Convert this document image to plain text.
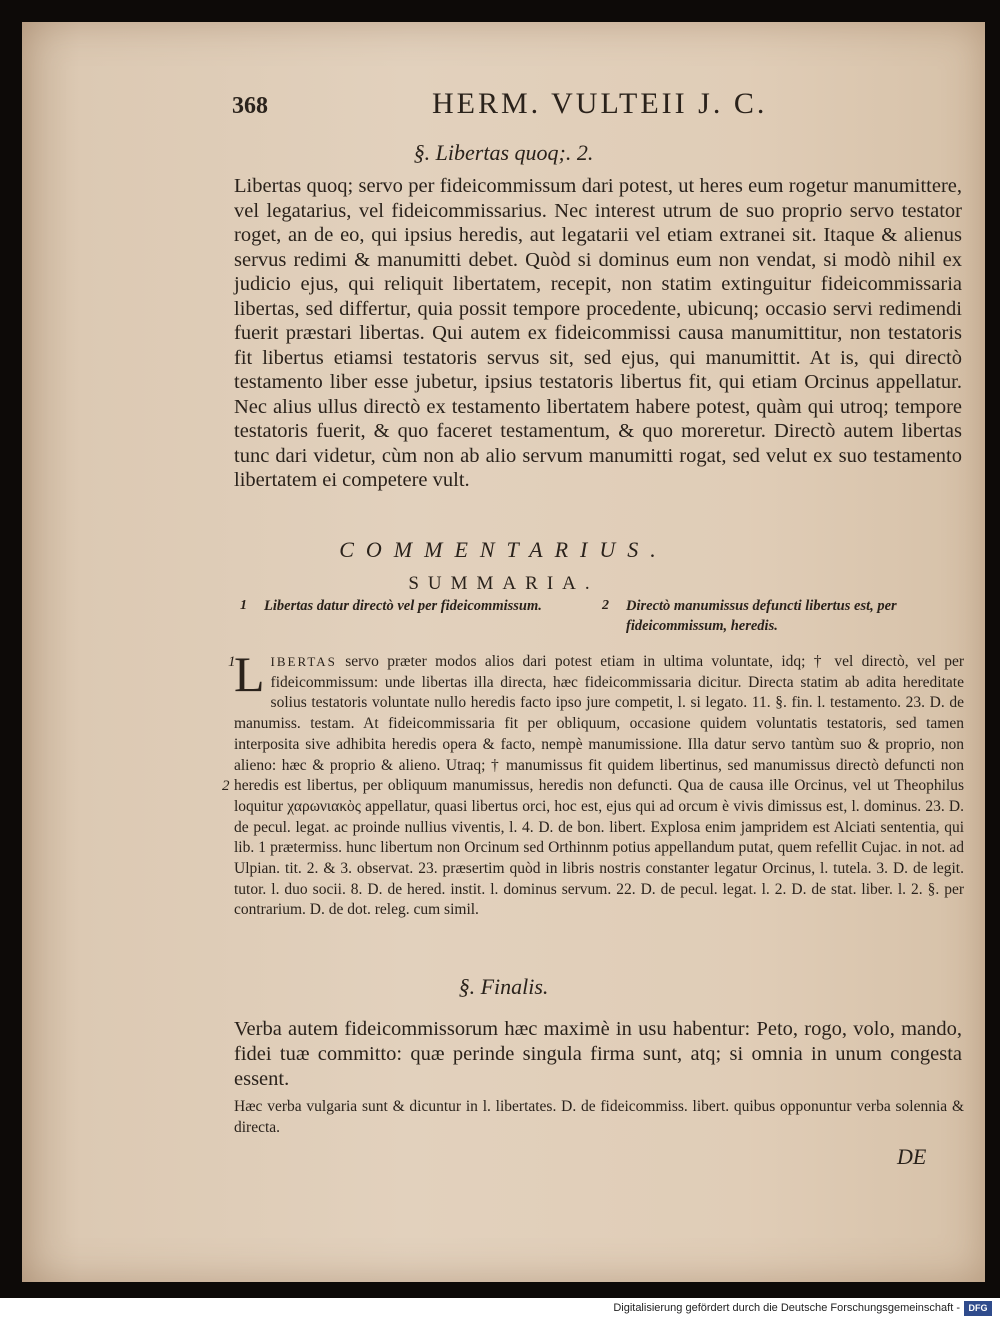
368	HERM. VULTEII J. C.
§. Libertas quoq;. 2.

Libertas quoq; servo per fideicommissum dari potest, ut heres eum rogetur manumittere, vel legatarius, vel fideicommissarius. Nec interest utrum de suo proprio servo testator roget, an de eo, qui ipsius heredis, aut legatarii vel etiam extranei sit. Itaque & alienus servus redimi & manumitti debet. Quòd si dominus eum non vendat, si modò nihil ex judicio ejus, qui reliquit libertatem, recepit, non statim extinguitur fideicommissaria libertas, sed differtur, quia possit tempore procedente, ubicunq; occasio servi redimendi fuerit præstari libertas. Qui autem ex fideicommissi causa manumittitur, non testatoris fit libertus etiamsi testatoris servus sit, sed ejus, qui manumittit. At is, qui directò testamento liber esse jubetur, ipsius testatoris libertus fit, qui etiam Orcinus appellatur. Nec alius ullus directò ex testamento libertatem habere potest, quàm qui utroq; tempore testatoris fuerit, & quo faceret testamentum, & quo moreretur. Directò autem libertas tunc dari videtur, cùm non ab alio servum manumitti rogat, sed velut ex suo testamento libertatem ei competere vult.

COMMENTARIUS.
SUMMARIA.
1 Libertas datur directò vel per fideicommissum.	2 Directò manumissus defuncti libertus est, per fideicommissum, heredis.
1
2

LIBERTAS servo præter modos alios dari potest etiam in ultima voluntate, idq; † vel directò, vel per fideicommissum: unde libertas illa directa, hæc fideicommissaria dicitur. Directa statim ab adita hereditate solius testatoris voluntate nullo heredis facto ipso jure competit, l. si legato. 11. §. fin. l. testamento. 23. D. de manumiss. testam. At fideicommissaria fit per obliquum, occasione quidem voluntatis testatoris, sed tamen interposita sive adhibita heredis opera & facto, nempè manumissione. Illa datur servo tantùm suo & proprio, non alieno: hæc & proprio & alieno. Utraq; † manumissus fit quidem libertinus, sed manumissus directò defuncti non heredis est libertus, per obliquum manumissus, heredis non defuncti. Qua de causa ille Orcinus, vel ut Theophilus loquitur χαρωνιακὸς appellatur, quasi libertus orci, hoc est, ejus qui ad orcum è vivis dimissus est, l. dominus. 23. D. de pecul. legat. ac proinde nullius viventis, l. 4. D. de bon. libert. Explosa enim jampridem est Alciati sententia, qui lib. 1 prætermiss. hunc libertum non Orcinum sed Orthinnm potius appellandum putat, quem refellit Cujac. in not. ad Ulpian. tit. 2. & 3. observat. 23. præsertim quòd in libris nostris constanter legatur Orcinus, l. tutela. 3. D. de legit. tutor. l. duo socii. 8. D. de hered. instit. l. dominus servum. 22. D. de pecul. legat. l. 2. D. de stat. liber. l. 2. §. per contrarium. D. de dot. releg. cum simil.

§. Finalis.

Verba autem fideicommissorum hæc maximè in usu habentur: Peto, rogo, volo, mando, fidei tuæ committo: quæ perinde singula firma sunt, atq; si omnia in unum congesta essent.

Hæc verba vulgaria sunt & dicuntur in l. libertates. D. de fideicommiss. libert. quibus opponuntur verba solennia & directa.

DE
Digitalisierung gefördert durch die Deutsche Forschungsgemeinschaft - DFG
